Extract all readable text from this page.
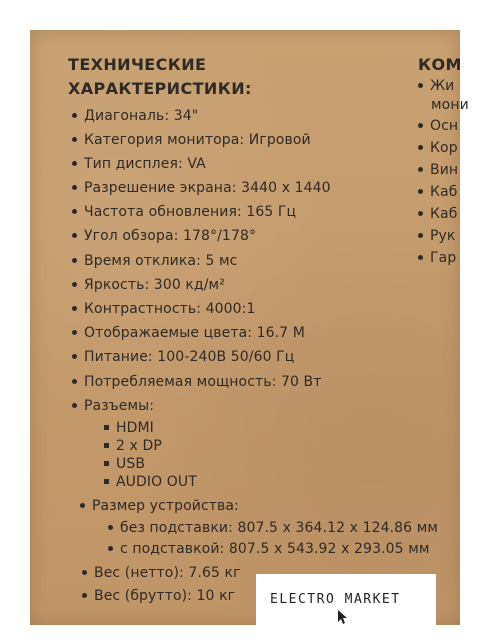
ТЕХНИЧЕСКИЕ
ХАРАКТЕРИСТИКИ:
Диагональ: 34"
Категория монитора: Игровой
Тип дисплея: VA
Разрешение экрана: 3440 x 1440
Частота обновления: 165 Гц
Угол обзора: 178°/178°
Время отклика: 5 мс
Яркость: 300 кд/м²
Контрастность: 4000:1
Отображаемые цвета: 16.7 М
Питание: 100-240В 50/60 Гц
Потребляемая мощность: 70 Вт
Разъемы:
HDMI
2 x DP
USB
AUDIO OUT
Размер устройства:
без подставки: 807.5 x 364.12 x 124.86 мм
с подставкой: 807.5 x 543.92 x 293.05 мм
Вес (нетто): 7.65 кг
Вес (брутто): 10 кг
КОМ
Жи
мони
Осн
Кор
Вин
Каб
Каб
Рук
Гар
ELECTRO MARKET
